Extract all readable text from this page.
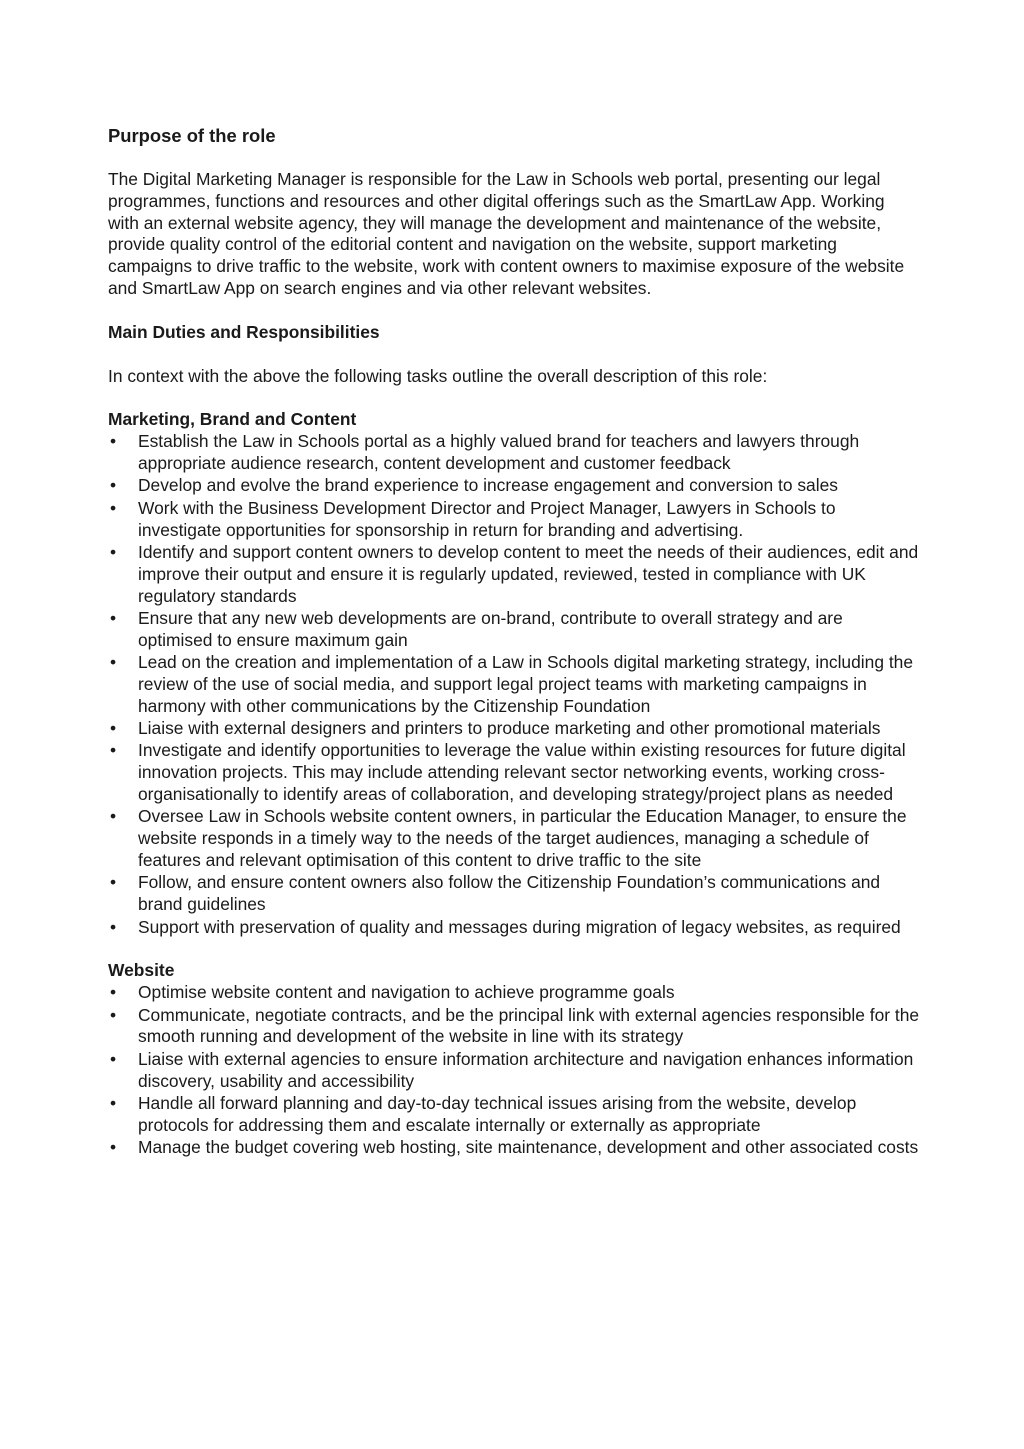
Purpose of the role
The Digital Marketing Manager is responsible for the Law in Schools web portal, presenting our legal programmes, functions and resources and other digital offerings such as the SmartLaw App. Working with an external website agency, they will manage the development and maintenance of the website, provide quality control of the editorial content and navigation on the website, support marketing campaigns to drive traffic to the website, work with content owners to maximise exposure of the website and SmartLaw App on search engines and via other relevant websites.
Main Duties and Responsibilities
In context with the above the following tasks outline the overall description of this role:
Marketing, Brand and Content
• Establish the Law in Schools portal as a highly valued brand for teachers and lawyers through appropriate audience research, content development and customer feedback
• Develop and evolve the brand experience to increase engagement and conversion to sales
• Work with the Business Development Director and Project Manager, Lawyers in Schools to investigate opportunities for sponsorship in return for branding and advertising.
• Identify and support content owners to develop content to meet the needs of their audiences, edit and improve their output and ensure it is regularly updated, reviewed, tested in compliance with UK regulatory standards
• Ensure that any new web developments are on-brand, contribute to overall strategy and are optimised to ensure maximum gain
• Lead on the creation and implementation of a Law in Schools digital marketing strategy, including the review of the use of social media, and support legal project teams with marketing campaigns in harmony with other communications by the Citizenship Foundation
• Liaise with external designers and printers to produce marketing and other promotional materials
• Investigate and identify opportunities to leverage the value within existing resources for future digital innovation projects. This may include attending relevant sector networking events, working cross-organisationally to identify areas of collaboration, and developing strategy/project plans as needed
• Oversee Law in Schools website content owners, in particular the Education Manager, to ensure the website responds in a timely way to the needs of the target audiences, managing a schedule of features and relevant optimisation of this content to drive traffic to the site
• Follow, and ensure content owners also follow the Citizenship Foundation’s communications and brand guidelines
• Support with preservation of quality and messages during migration of legacy websites, as required
Website
• Optimise website content and navigation to achieve programme goals
• Communicate, negotiate contracts, and be the principal link with external agencies responsible for the smooth running and development of the website in line with its strategy
• Liaise with external agencies to ensure information architecture and navigation enhances information discovery, usability and accessibility
• Handle all forward planning and day-to-day technical issues arising from the website, develop protocols for addressing them and escalate internally or externally as appropriate
• Manage the budget covering web hosting, site maintenance, development and other associated costs
